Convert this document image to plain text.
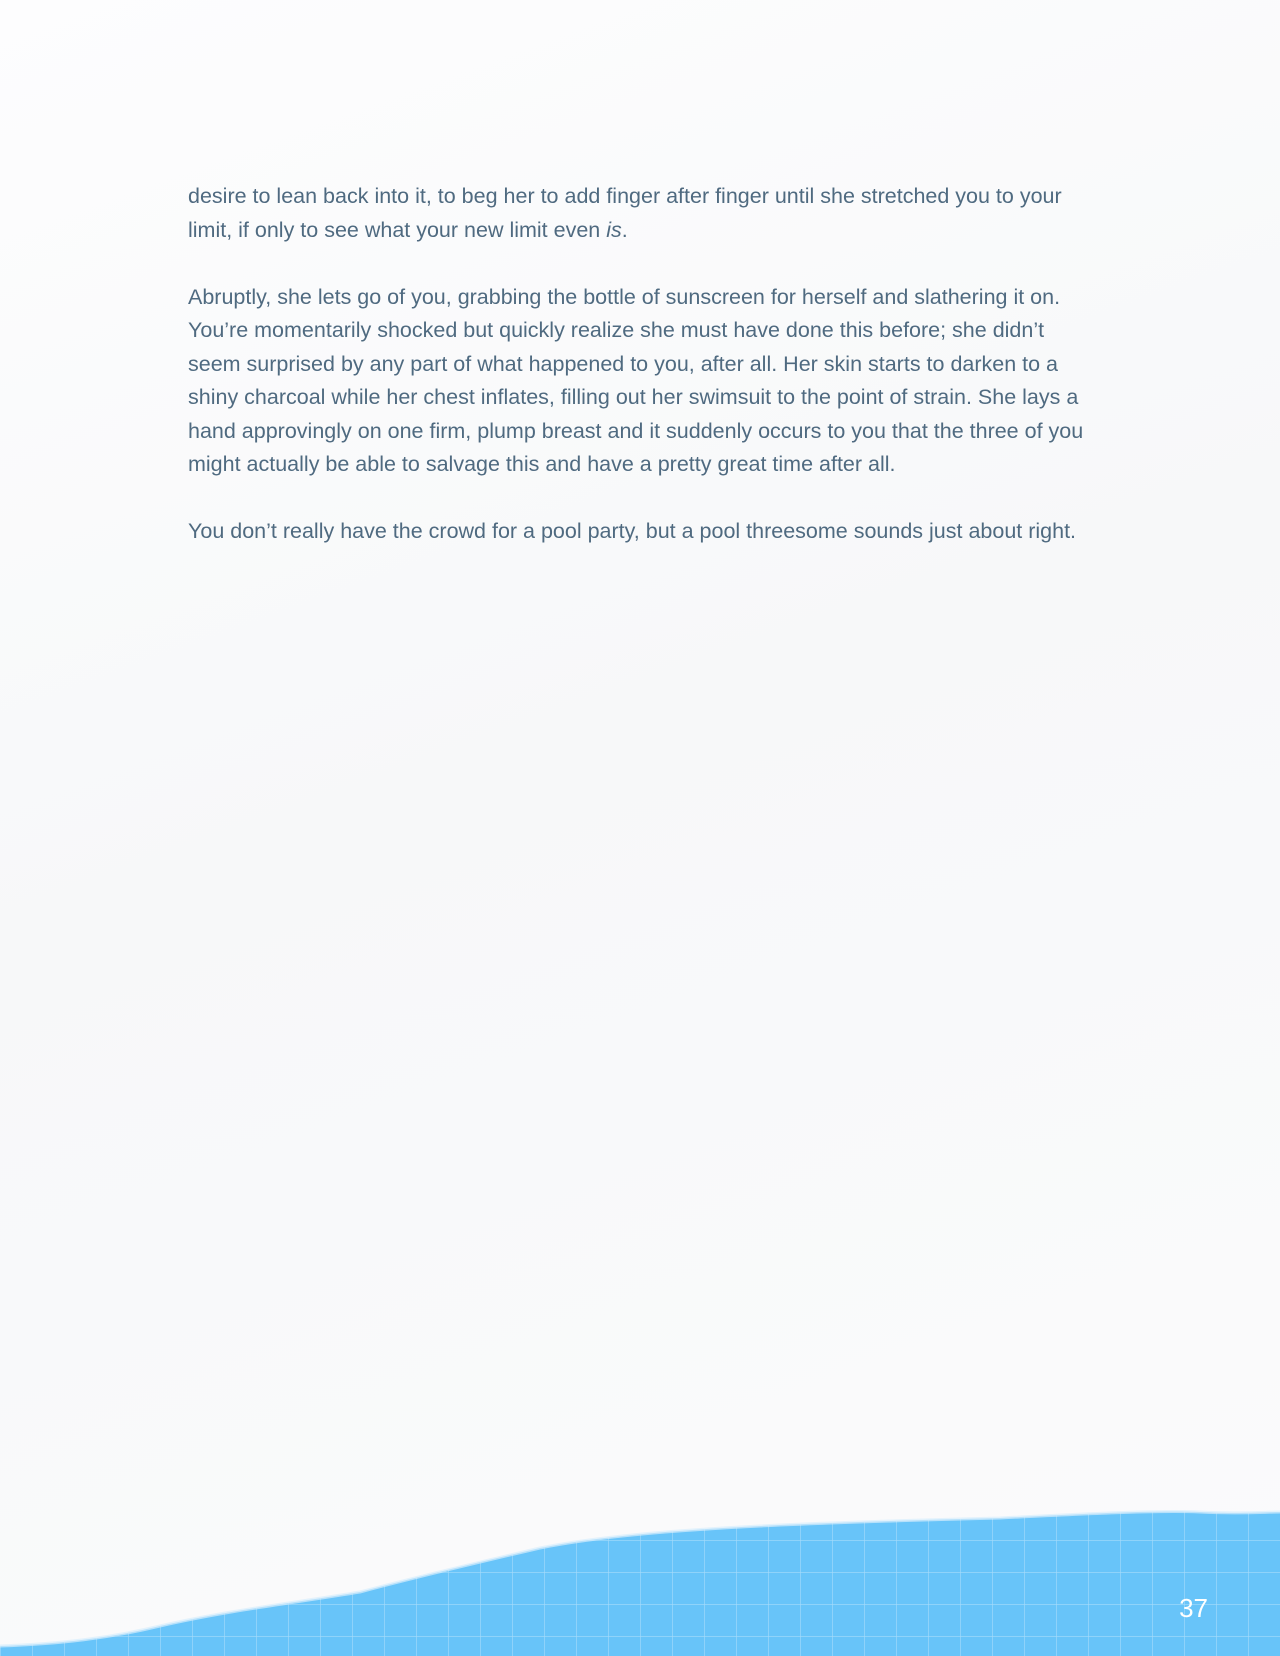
desire to lean back into it, to beg her to add finger after finger until she stretched you to your limit, if only to see what your new limit even is.

Abruptly, she lets go of you, grabbing the bottle of sunscreen for herself and slathering it on. You’re momentarily shocked but quickly realize she must have done this before; she didn’t seem surprised by any part of what happened to you, after all. Her skin starts to darken to a shiny charcoal while her chest inflates, filling out her swimsuit to the point of strain. She lays a hand approvingly on one firm, plump breast and it suddenly occurs to you that the three of you might actually be able to salvage this and have a pretty great time after all.

You don’t really have the crowd for a pool party, but a pool threesome sounds just about right.

37
